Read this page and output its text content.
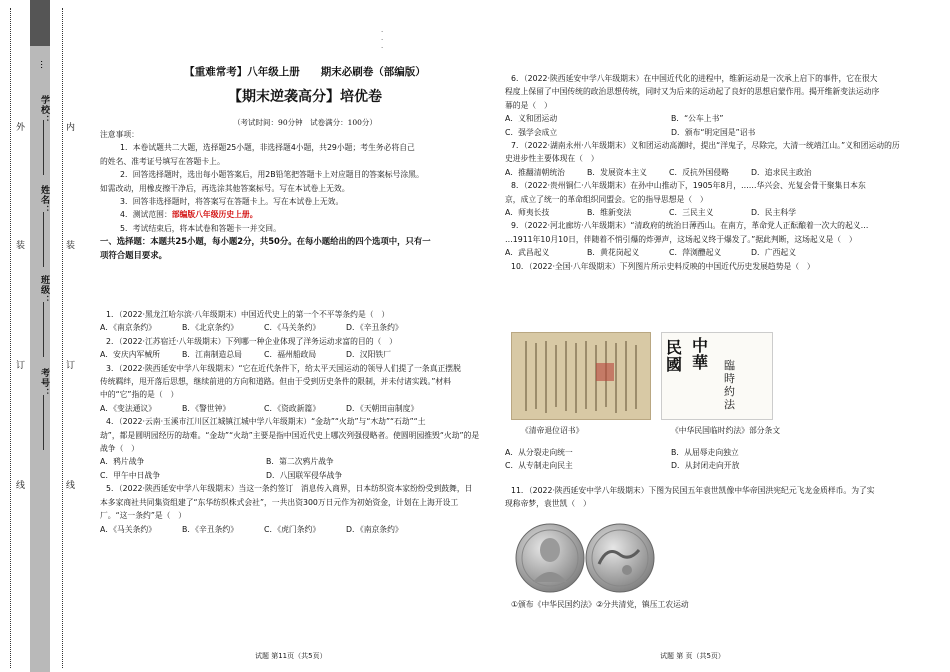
外
装
订
线
内
装
订
线
…
学校：
姓名：
班级：
考号：
【重难常考】八年级上册　　期末必刷卷（部编版）
【期末逆袭高分】培优卷
（考试时间：90分钟　试卷满分：100分）
注意事项：
1．本卷试题共二大题，选择题25小题，非选择题4小题，共29小题；考生务必将自己
的姓名、准考证号填写在答题卡上。
2．回答选择题时，选出每小题答案后，用2B铅笔把答题卡上对应题目的答案标号涂黑。
如需改动，用橡皮擦干净后，再选涂其他答案标号。写在本试卷上无效。
3．回答非选择题时，将答案写在答题卡上。写在本试卷上无效。
4．测试范围：部编版八年级历史上册。
5．考试结束后，将本试卷和答题卡一并交回。
一、选择题：本题共25小题，每小题2分，共50分。在每小题给出的四个选项中，只有一
项符合题目要求。
1．（2022·黑龙江哈尔滨·八年级期末）中国近代史上的第一个不平等条约是（　）
A．《南京条约》	B．《北京条约》	C．《马关条约》	D．《辛丑条约》
2．（2022·江苏宿迁·八年级期末）下列哪一种企业体现了洋务运动求富的目的（　）
A．安庆内军械所	B．江南制造总局	C．福州船政局	D．汉阳铁厂
3．（2022·陕西延安中学八年级期末）“它在近代条件下，给太平天国运动的领导人们提了一条真正摆脱
传统羁绊，甩开落后思想，继续前进的方向和道路。但由于受到历史条件的限制，并未付诸实践。”材料
中的“它”指的是（　）
A．《变法通议》	B．《警世钟》	C．《资政新篇》	D．《天朝田亩制度》
4．（2022·云南·玉溪市江川区江城镇江城中学八年级期末）“金劫”“火劫”与“木劫”“石劫”“土
劫”，都是圆明园经历的劫难。“金劫”“火劫”主要是指中国近代史上哪次列强侵略者。使圆明园推毁“火劫”的是
战争（　）
A．鸦片战争	B．第二次鸦片战争
C．甲午中日战争	D．八国联军侵华战争
5．（2022·陕西延安中学八年级期末）当这一条约签订　消息传入商界，日本纺织资本家纷纷受到鼓舞，日
本多家商社共同集资组建了“东华纺织株式会社”，一共出资300万日元作为初始资金，计划在上海开设工
厂。“这一条约”是（　）
A．《马关条约》	B．《辛丑条约》	C．《虎门条约》	D．《南京条约》
试题 第11页（共5页）
·
·
·
6．（2022·陕西延安中学八年级期末）在中国近代化的进程中，维新运动是一次承上启下的事件，它在很大
程度上保留了中国传统的政治思想传统，同时又为后来的运动起了良好的思想启蒙作用。揭开维新变法运动序
幕的是（　）
A．义和团运动	B．“公车上书”
C．强学会成立	D．颁布“明定国是”诏书
7．（2022·湖南永州·八年级期末）义和团运动高潮时，提出“洋鬼子，尽除完，大清一统靖江山。”义和团运动的历
史进步性主要体现在（　）
A．推翻清朝统治	B．发展资本主义	C．反抗外国侵略	D．追求民主政治
8．（2022·贵州铜仁·八年级期末）在孙中山推动下，1905年8月，……华兴会、光复会骨干聚集日本东
京，成立了统一的革命组织同盟会。它的指导思想是（　）
A．师夷长技	B．维新变法	C．三民主义	D．民主科学
9．（2022·河北廊坊·八年级期末）“清政府的统治日薄西山。在南方，革命党人正酝酿着一次大的起义…
…1911年10月10日，伴随着不悄引爆的炸弹声，这场起义终于爆发了。”据此判断，这场起义是（　）
A．武昌起义	B．黄花岗起义	C．萍浏醴起义	D．广西起义
10．（2022·全国·八年级期末）下列图片所示史料反映的中国近代历史发展趋势是（　）
民
國
中
華 臨
時
約
法
《清帝退位诏书》	《中华民国临时约法》部分条文
A．从分裂走向统一	B．从屈辱走向独立
C．从专制走向民主	D．从封闭走向开放
11．（2022·陕西延安中学八年级期末）下图为民国五年袁世凯像中华帝国洪宪纪元飞龙金质样币。为了实
现称帝梦，袁世凯（　）
①颁布《中华民国约法》②分共清党，镇压工农运动
试题 第 页（共5页）
